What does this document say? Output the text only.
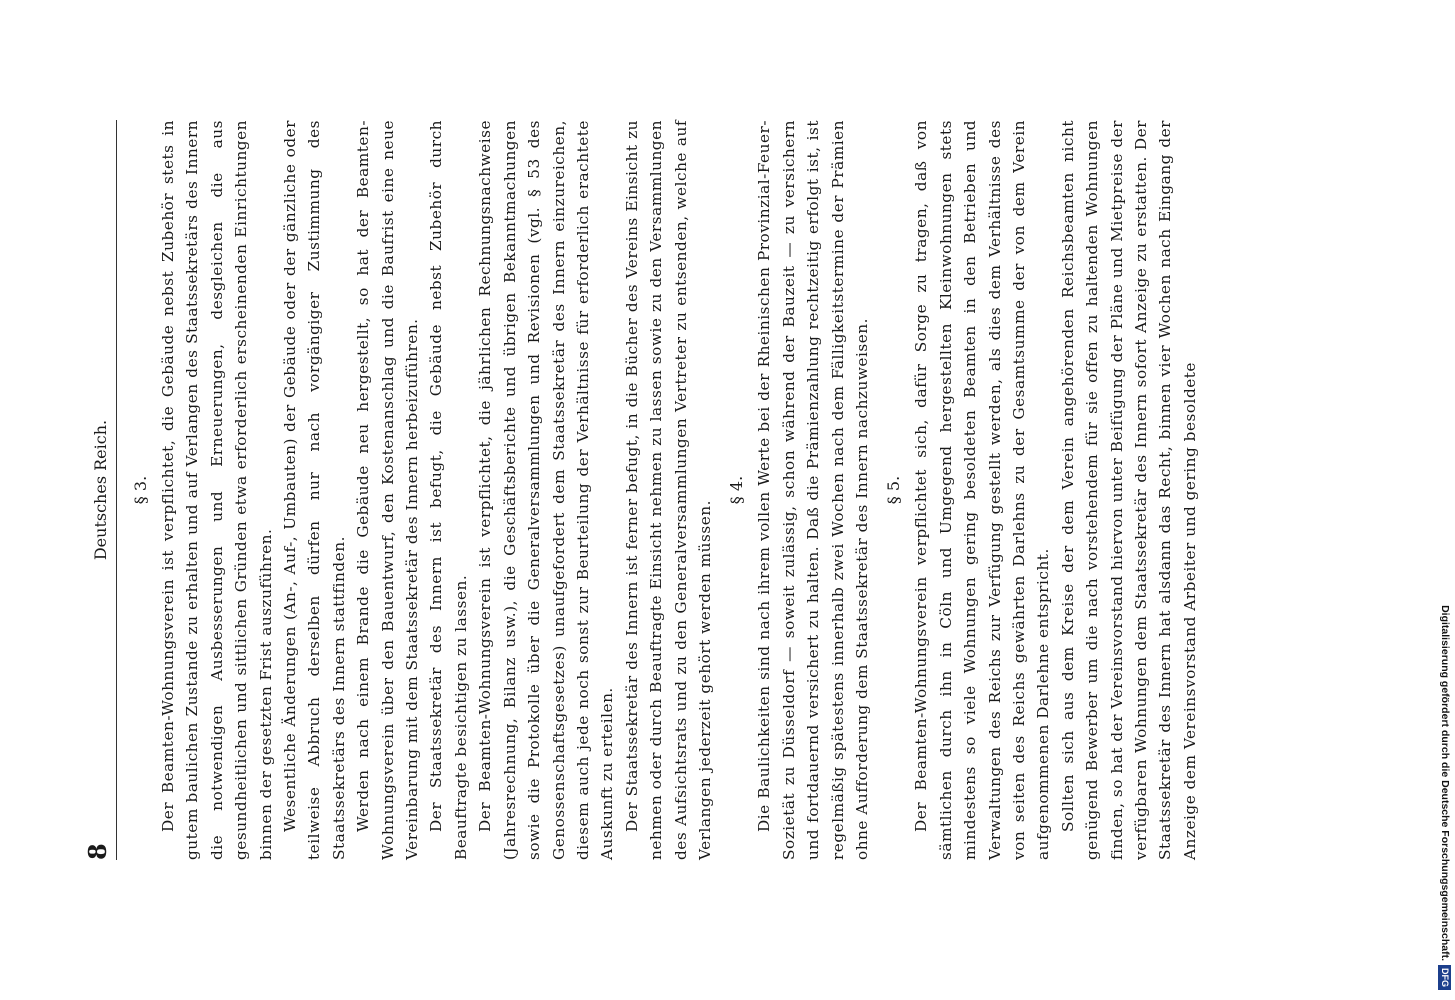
8
Deutsches Reich. § 3. Der Beamten-Wohnungsverein ist verpflichtet, die Gebäude nebst Zubehör stets in gutem baulichen Zustande zu erhalten und auf Verlangen des Staatssekretärs des Innern die notwendigen Ausbesserungen und Erneuerungen, desgleichen die aus gesundheitlichen und sittlichen Gründen etwa erforderlich erscheinenden Einrichtungen binnen der gesetzten Frist auszuführen. Wesentliche Änderungen (An-, Auf-, Umbauten) der Gebäude oder der gänzliche oder teilweise Abbruch derselben dürfen nur nach vorgängiger Zustimmung des Staatssekretärs des Innern stattfinden. Werden nach einem Brande die Gebäude neu hergestellt, so hat der Beamten-Wohnungsverein über den Bauentwurf, den Kostenanschlag und die Baufrist eine neue Vereinbarung mit dem Staatssekretär des Innern herbeizuführen. Der Staatssekretär des Innern ist befugt, die Gebäude nebst Zubehör durch Beauftragte besichtigen zu lassen. Der Beamten-Wohnungsverein ist verpflichtet, die jährlichen Rechnungsnachweise (Jahresrechnung, Bilanz usw.), die Geschäftsberichte und übrigen Bekanntmachungen sowie die Protokolle über die Generalversammlungen und Revisionen (vgl. § 53 des Genossenschaftsgesetzes) unaufgefordert dem Staatssekretär des Innern einzureichen, diesem auch jede noch sonst zur Beurteilung der Verhältnisse für erforderlich erachtete Auskunft zu erteilen. Der Staatssekretär des Innern ist ferner befugt, in die Bücher des Vereins Einsicht zu nehmen oder durch Beauftragte Einsicht nehmen zu lassen sowie zu den Versammlungen des Aufsichtsrats und zu den Generalversammlungen Vertreter zu entsenden, welche auf Verlangen jederzeit gehört werden müssen.

§ 4. Die Baulichkeiten sind nach ihrem vollen Werte bei der Rheinischen Provinzial-Feuer-Sozietät zu Düsseldorf — soweit zulässig, schon während der Bauzeit — zu versichern und fortdauernd versichert zu halten. Daß die Prämienzahlung rechtzeitig erfolgt ist, ist regelmäßig spätestens innerhalb zwei Wochen nach dem Fälligkeitstermine der Prämien ohne Aufforderung dem Staatssekretär des Innern nachzuweisen. § 5. Der Beamten-Wohnungsverein verpflichtet sich, dafür Sorge zu tragen, daß von sämtlichen durch ihn in Cöln und Umgegend hergestellten Kleinwohnungen stets mindestens so viele Wohnungen gering besoldeten Beamten in den Betrieben und Verwaltungen des Reichs zur Verfügung gestellt werden, als dies dem Verhältnisse des von seiten des Reichs gewährten Darlehns zu der Gesamtsumme der von dem Verein aufgenommenen Darlehne entspricht. Sollten sich aus dem Kreise der dem Verein angehörenden Reichsbeamten nicht genügend Bewerber um die nach vorstehendem für sie offen zu haltenden Wohnungen finden, so hat der Vereinsvorstand hiervon unter Beifügung der Pläne und Mietpreise der verfügbaren Wohnungen dem Staatssekretär des Innern sofort Anzeige zu erstatten. Der Staatssekretär des Innern hat alsdann das Recht, binnen vier Wochen nach Eingang der Anzeige dem Vereinsvorstand Arbeiter und gering besoldete	Digitalisierung gefördert durch die Deutsche Forschungsgemeinschaft.DFG
